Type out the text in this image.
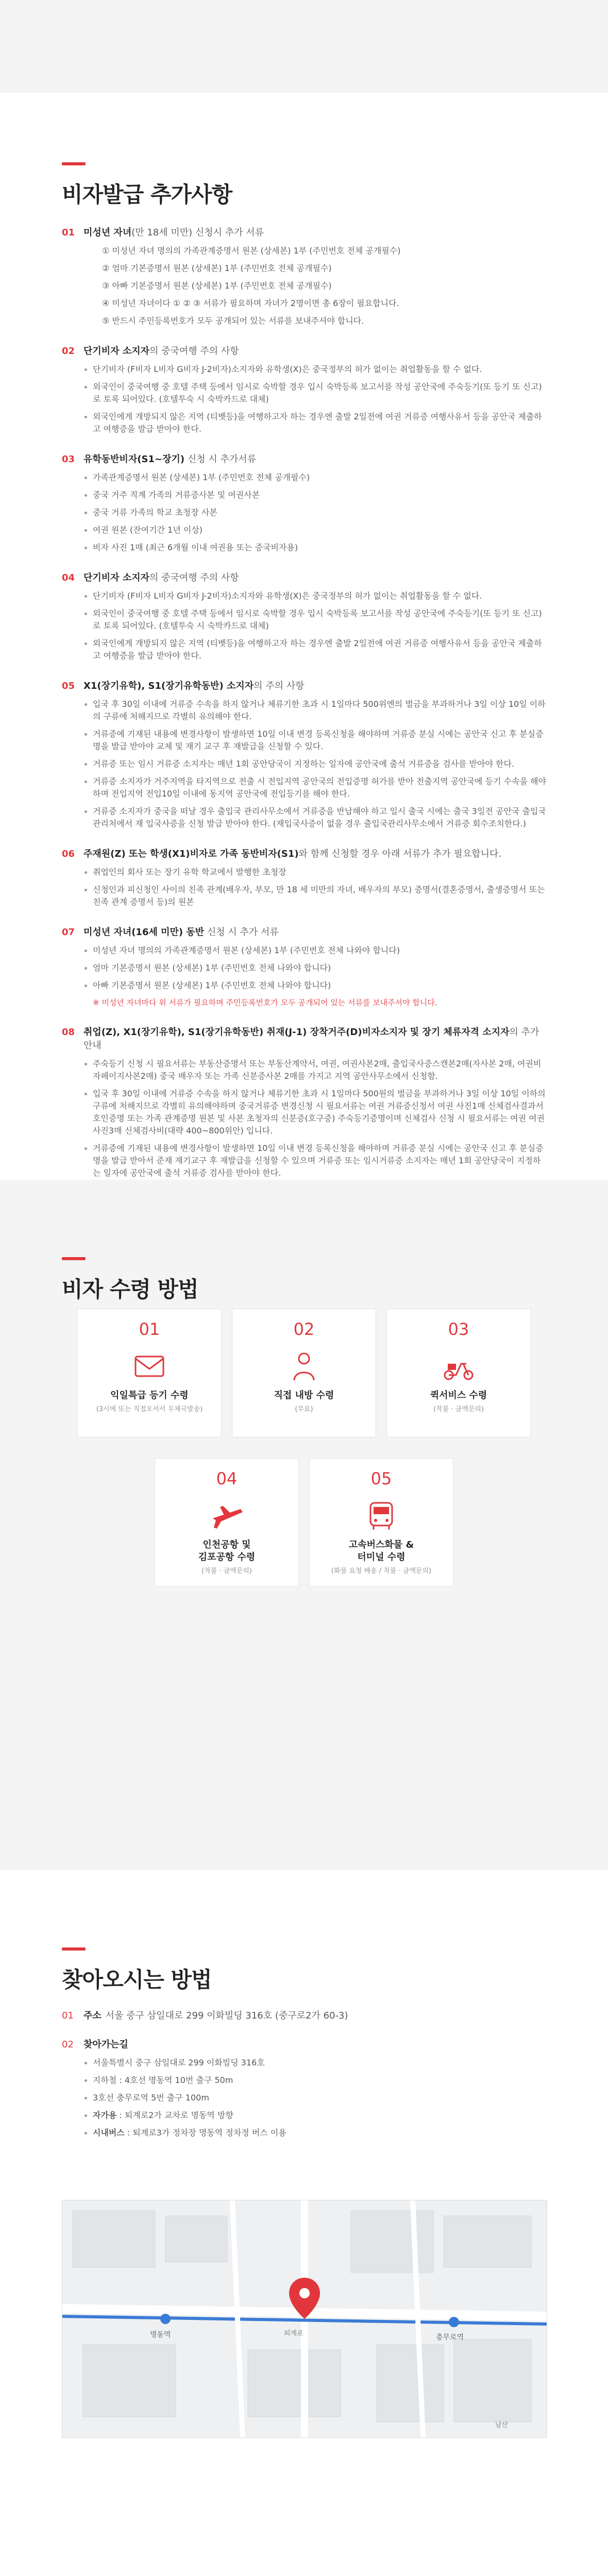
비자발급 추가사항
01 미성년 자녀(만 18세 미만) 신청시 추가 서류
① 미성년 자녀 명의의 가족관계증명서 원본 (상세본) 1부 (주민번호 전체 공개필수)
② 엄마 기본증명서 원본 (상세본) 1부 (주민번호 전체 공개필수)
③ 아빠 기본증명서 원본 (상세본) 1부 (주민번호 전체 공개필수)
④ 미성년 자녀이다 ① ② ③ 서류가 필요하며 자녀가 2명이면 총 6장이 필요합니다.
⑤ 반드시 주민등록번호가 모두 공개되어 있는 서류를 보내주셔야 합니다.
02 단기비자 소지자의 중국여행 주의 사항
단기비자 (F비자 L비자 G비자 J-2비자)소지자와 유학생(X)은 중국정부의 허가 없이는 취업활동을 할 수 없다.
외국인이 중국여행 중 호텔 주택 등에서 임시로 숙박할 경우 입시 숙박등록 보고서를 작성 공안국에 주숙등기(또 등기 또 신고)로 토록 되어있다. (호텔투숙 시 숙박카드로 대체)
외국인에게 개방되지 않은 지역 (티벳등)을 여행하고자 하는 경우엔 출발 2일전에 여권 거류증 여행사유서 등을 공안국 제출하고 여행증을 발급 받아야 한다.
03 유학동반비자(S1~장기) 신청 시 추가서류
가족관계증명서 원본 (상세본) 1부 (주민번호 전체 공개필수)
중국 거주 직계 가족의 거류증사본 및 여권사본
중국 거류 가족의 학교 초청장 사본
여권 원본 (잔여기간 1년 이상)
비자 사진 1매 (최근 6개월 이내 여권용 또는 증국비자용)
04 단기비자 소지자의 중국여행 주의 사항
단기비자 (F비자 L비자 G비자 J-2비자)소지자와 유학생(X)은 중국정부의 허가 없이는 취업활동을 할 수 없다.
외국인이 중국여행 중 호텔 주택 등에서 임시로 숙박할 경우 입시 숙박등록 보고서를 작성 공안국에 주숙등기(또 등기 또 신고)로 토록 되어있다. (호텔투숙 시 숙박카드로 대체)
외국인에게 개방되지 않은 지역 (티벳등)을 여행하고자 하는 경우엔 출발 2일전에 여권 거류증 여행사유서 등을 공안국 제출하고 여행증을 발급 받아야 한다.
05 X1(장기유학), S1(장기유학동반) 소지자의 주의 사항
입국 후 30일 이내에 거류증 수속을 하지 않거나 체류기한 초과 시 1일마다 500위엔의 벌금을 부과하거나 3일 이상 10일 이하의 구류에 처해지므로 각별히 유의해야 한다.
거류증에 기재된 내용에 변경사항이 발생하면 10일 이내 변경 등록신청을 해야하며 거류증 분실 시에는 공안국 신고 후 분실증명을 발급 받아야 교체 및 재기 교구 후 재발급을 신청할 수 있다.
거류증 또는 임시 거류증 소지자는 매년 1회 공안당국이 지정하는 일자에 공안국에 출석 거류증을 검사를 받아야 한다.
거류증 소지자가 거주지역을 타지역으로 전출 시 전입지역 공안국의 전입증명 허가를 받아 전출지역 공안국에 등기 수속을 해야 하며 전입지역 전입10일 이내에 동지역 공안국에 전입등기를 해야 한다.
거류증 소지자가 중국을 떠날 경우 출입국 관리사무소에서 거류증을 반납해야 하고 일시 출국 시에는 출국 3일전 공안국 출입국 관리처에서 재 입국사증을 신청 발급 받아야 한다. (재입국사증이 없을 경우 출입국관리사무소에서 거류증 회수조치한다.)
06 주재원(Z) 또는 학생(X1)비자로 가족 동반비자(S1)와 함께 신청할 경우 아래 서류가 추가 필요합니다.
취업인의 회사 또는 장기 유학 학교에서 발행한 초청장
신청인과 피신청인 사이의 친족 관계(배우자, 부모, 만 18 세 미만의 자녀, 배우자의 부모) 증명서(결혼증명서, 출생증명서 또는 친족 관계 증명서 등)의 원본
07 미성년 자녀(16세 미만) 동반 신청 시 추가 서류
미성년 자녀 명의의 가족관계증명서 원본 (상세본) 1부 (주민번호 전체 나와야 합니다)
엄마 기본증명서 원본 (상세본) 1부 (주민번호 전체 나와야 합니다)
아빠 기본증명서 원본 (상세본) 1부 (주민번호 전체 나와야 합니다)
※ 미성년 자녀마다 위 서류가 필요하며 주민등록번호가 모두 공개되어 있는 서류를 보내주셔야 합니다.
08 취업(Z), X1(장기유학), S1(장기유학동반) 취재(J-1) 장착거주(D)비자소지자 및 장기 체류자격 소지자의 추가안내
주숙등기 신청 시 필요서류는 부동산증명서 또는 부동산계약서, 여권, 여권사본2매, 출입국사증스캔본2매(자사본 2매, 여권비자페이지사본2매) 중국 배우자 또는 가족 신분증사본 2매를 가지고 지역 공안사무소에서 신청함.
입국 후 30일 이내에 거류증 수속을 하지 않거나 체류기한 초과 시 1일마다 500원의 벌금을 부과하거나 3일 이상 10일 이하의 구류에 처해지므로 각별히 유의해야하며 중국거류증 변경신청 시 필요서류는 여권 거류증신청서 여권 사진1매 신체검사결과서 호인증명 또는 가족 관계증명 원본 및 사본 초청자의 신분증(호구증) 주숙등기증명이며 신체검사 신청 시 필요서류는 여권 여권사진3매 신체검사비(대략 400~800위안) 입니다.
거류증에 기재된 내용에 변경사항이 발생하면 10일 이내 변경 등록신청을 해야하며 거류증 분실 시에는 공안국 신고 후 분실증명을 발급 받아서 준재 재기교구 후 재발급을 신청할 수 있으며 거류증 또는 임시거류증 소지자는 매년 1회 공안당국이 지정하는 일자에 공안국에 출석 거류증 검사를 받아야 한다.
비자 수령 방법
01
익일특급 등기 수령
(3시에 또는 직접오셔서 우체국발송)
02
직접 내방 수령
(무료)
03
퀵서비스 수령
(착불 · 금액문의)
04
인천공항 및
김포공항 수령
(착불 · 금액문의)
05
고속버스화물 &
터미널 수령
(화물 요청 배송 / 착불 · 금액문의)
찾아오시는 방법
01	주소 서울 중구 삼일대로 299 이화빌딩 316호 (중구로2가 60-3)
02	찾아가는길
서울특별시 중구 삼일대로 299 이화빌딩 316호
지하철 : 4호선 명동역 10번 출구 50m
3호선 충무로역 5번 출구 100m
자가용 : 퇴계로2가 교차로 명동역 방향
시내버스 : 퇴계로3가 정차장 명동역 정차정 버스 이용
명동역	충무로역
퇴계로
남산
